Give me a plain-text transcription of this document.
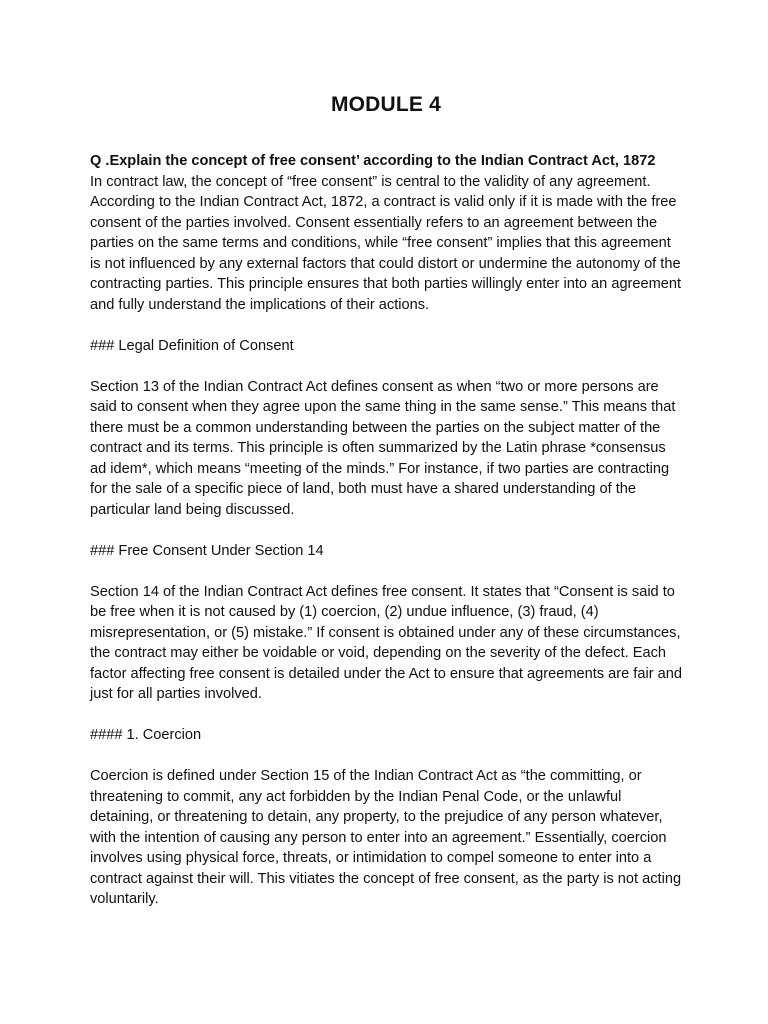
MODULE 4

Q .Explain the concept of free consent’ according to the Indian Contract Act, 1872

In contract law, the concept of “free consent” is central to the validity of any agreement. According to the Indian Contract Act, 1872, a contract is valid only if it is made with the free consent of the parties involved. Consent essentially refers to an agreement between the parties on the same terms and conditions, while “free consent” implies that this agreement is not influenced by any external factors that could distort or undermine the autonomy of the contracting parties. This principle ensures that both parties willingly enter into an agreement and fully understand the implications of their actions.

### Legal Definition of Consent

Section 13 of the Indian Contract Act defines consent as when “two or more persons are said to consent when they agree upon the same thing in the same sense.” This means that there must be a common understanding between the parties on the subject matter of the contract and its terms. This principle is often summarized by the Latin phrase *consensus ad idem*, which means “meeting of the minds.” For instance, if two parties are contracting for the sale of a specific piece of land, both must have a shared understanding of the particular land being discussed.

### Free Consent Under Section 14

Section 14 of the Indian Contract Act defines free consent. It states that “Consent is said to be free when it is not caused by (1) coercion, (2) undue influence, (3) fraud, (4) misrepresentation, or (5) mistake.” If consent is obtained under any of these circumstances, the contract may either be voidable or void, depending on the severity of the defect. Each factor affecting free consent is detailed under the Act to ensure that agreements are fair and just for all parties involved.

#### 1. Coercion

Coercion is defined under Section 15 of the Indian Contract Act as “the committing, or threatening to commit, any act forbidden by the Indian Penal Code, or the unlawful detaining, or threatening to detain, any property, to the prejudice of any person whatever, with the intention of causing any person to enter into an agreement.” Essentially, coercion involves using physical force, threats, or intimidation to compel someone to enter into a contract against their will. This vitiates the concept of free consent, as the party is not acting voluntarily.
